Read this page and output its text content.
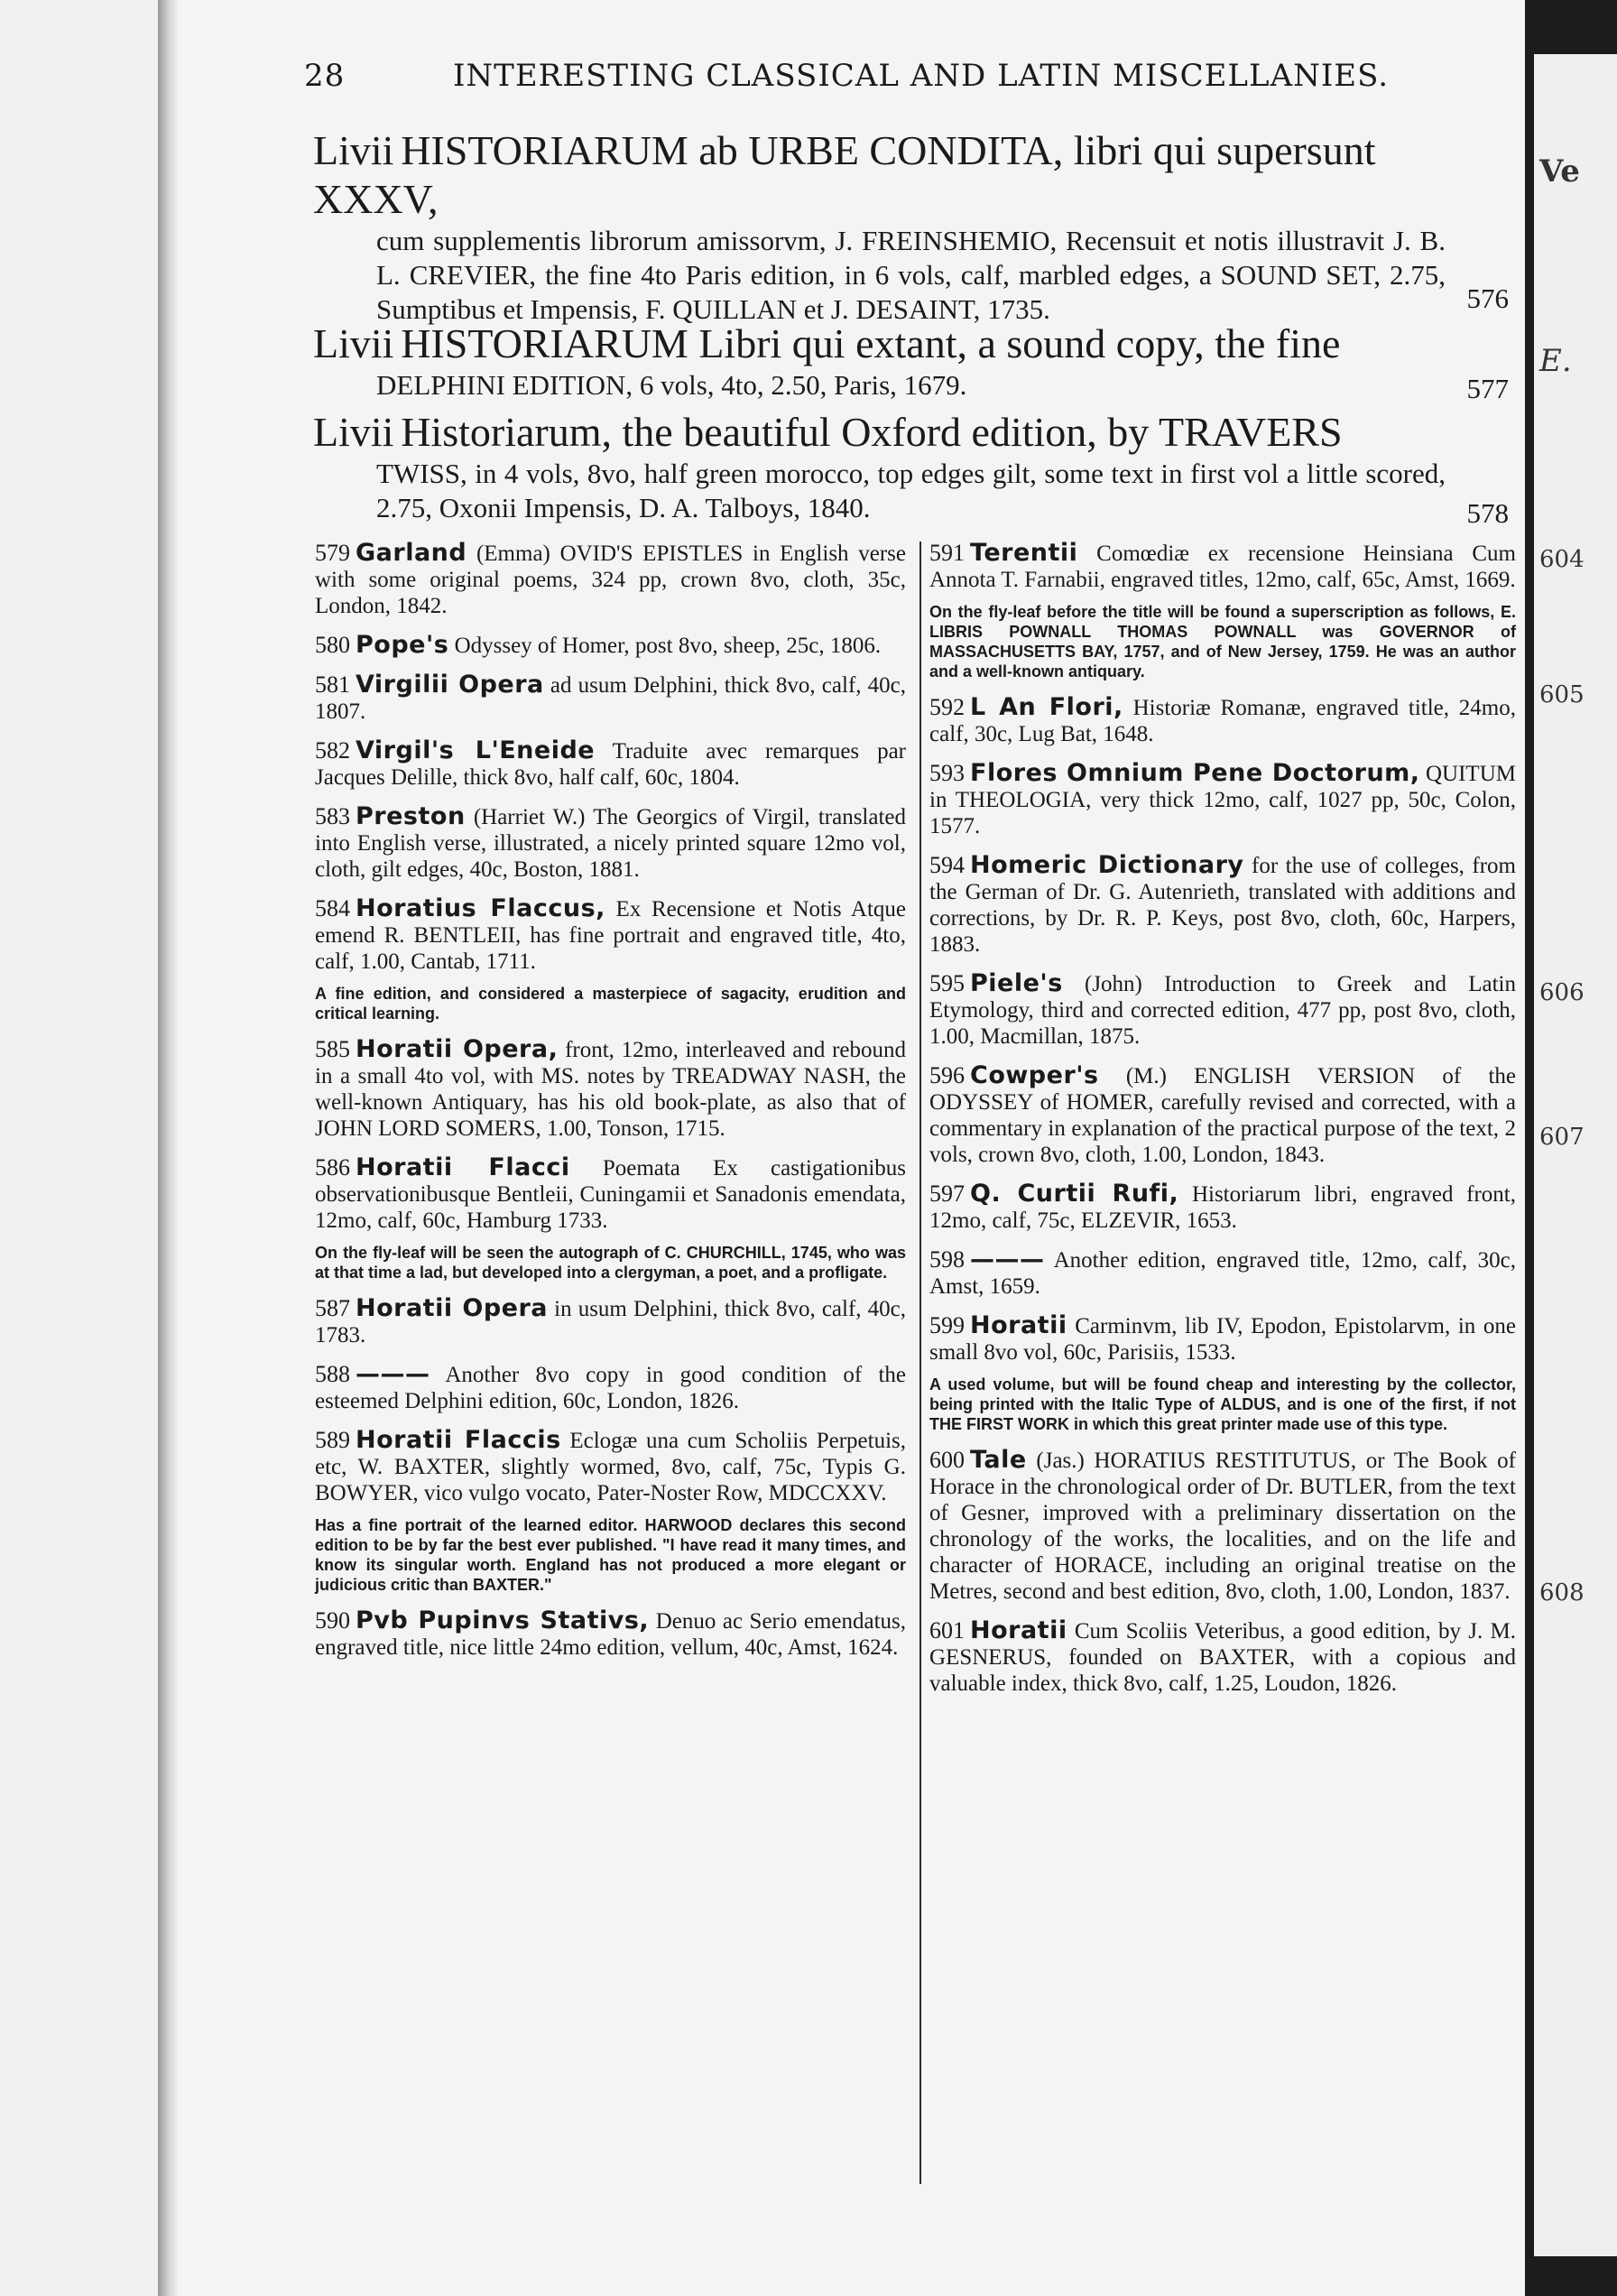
28	INTERESTING CLASSICAL AND LATIN MISCELLANIES.
Livii HISTORIARUM ab URBE CONDITA, libri qui supersunt XXXV,
cum supplementis librorum amissorvm, J. FREINSHEMIO, Recensuit et notis illustravit J. B. L. CREVIER, the fine 4to Paris edition, in 6 vols, calf, marbled edges, a SOUND SET, 2.75, Sumptibus et Impensis, F. QUILLAN et J. DESAINT, 1735.	576
Livii HISTORIARUM Libri qui extant, a sound copy, the fine
DELPHINI EDITION, 6 vols, 4to, 2.50, Paris, 1679.	577
Livii Historiarum, the beautiful Oxford edition, by TRAVERS
TWISS, in 4 vols, 8vo, half green morocco, top edges gilt, some text in first vol a little scored, 2.75, Oxonii Impensis, D. A. Talboys, 1840.	578
579 Garland (Emma) OVID'S EPISTLES in English verse with some original poems, 324 pp, crown 8vo, cloth, 35c, London, 1842.
580 Pope's Odyssey of Homer, post 8vo, sheep, 25c, 1806.
581 Virgilii Opera ad usum Delphini, thick 8vo, calf, 40c, 1807.
582 Virgil's L'Eneide Traduite avec remarques par Jacques Delille, thick 8vo, half calf, 60c, 1804.
583 Preston (Harriet W.) The Georgics of Virgil, translated into English verse, illustrated, a nicely printed square 12mo vol, cloth, gilt edges, 40c, Boston, 1881.
584 Horatius Flaccus, Ex Recensione et Notis Atque emend R. BENTLEII, has fine portrait and engraved title, 4to, calf, 1.00, Cantab, 1711.
A fine edition, and considered a masterpiece of sagacity, erudition and critical learning.
585 Horatii Opera, front, 12mo, interleaved and rebound in a small 4to vol, with MS. notes by TREADWAY NASH, the well-known Antiquary, has his old book-plate, as also that of JOHN LORD SOMERS, 1.00, Tonson, 1715.
586 Horatii Flacci Poemata Ex castigationibus observationibusque Bentleii, Cuningamii et Sanadonis emendata, 12mo, calf, 60c, Hamburg 1733.
On the fly-leaf will be seen the autograph of C. CHURCHILL, 1745, who was at that time a lad, but developed into a clergyman, a poet, and a profligate.
587 Horatii Opera in usum Delphini, thick 8vo, calf, 40c, 1783.
588 ——— Another 8vo copy in good condition of the esteemed Delphini edition, 60c, London, 1826.
589 Horatii Flaccis Eclogæ una cum Scholiis Perpetuis, etc, W. BAXTER, slightly wormed, 8vo, calf, 75c, Typis G. BOWYER, vico vulgo vocato, Pater-Noster Row, MDCCXXV.
Has a fine portrait of the learned editor. HARWOOD declares this second edition to be by far the best ever published. "I have read it many times, and know its singular worth. England has not produced a more elegant or judicious critic than BAXTER."
590 Pvb Pupinvs Stativs, Denuo ac Serio emendatus, engraved title, nice little 24mo edition, vellum, 40c, Amst, 1624.
591 Terentii Comœdiæ ex recensione Heinsiana Cum Annota T. Farnabii, engraved titles, 12mo, calf, 65c, Amst, 1669.
On the fly-leaf before the title will be found a superscription as follows, E. LIBRIS POWNALL THOMAS POWNALL was GOVERNOR of MASSACHUSETTS BAY, 1757, and of New Jersey, 1759. He was an author and a well-known antiquary.
592 L An Flori, Historiæ Romanæ, engraved title, 24mo, calf, 30c, Lug Bat, 1648.
593 Flores Omnium Pene Doctorum, QUITUM in THEOLOGIA, very thick 12mo, calf, 1027 pp, 50c, Colon, 1577.
594 Homeric Dictionary for the use of colleges, from the German of Dr. G. Autenrieth, translated with additions and corrections, by Dr. R. P. Keys, post 8vo, cloth, 60c, Harpers, 1883.
595 Piele's (John) Introduction to Greek and Latin Etymology, third and corrected edition, 477 pp, post 8vo, cloth, 1.00, Macmillan, 1875.
596 Cowper's (M.) ENGLISH VERSION of the ODYSSEY of HOMER, carefully revised and corrected, with a commentary in explanation of the practical purpose of the text, 2 vols, crown 8vo, cloth, 1.00, London, 1843.
597 Q. Curtii Rufi, Historiarum libri, engraved front, 12mo, calf, 75c, ELZEVIR, 1653.
598 ——— Another edition, engraved title, 12mo, calf, 30c, Amst, 1659.
599 Horatii Carminvm, lib IV, Epodon, Epistolarvm, in one small 8vo vol, 60c, Parisiis, 1533.
A used volume, but will be found cheap and interesting by the collector, being printed with the Italic Type of ALDUS, and is one of the first, if not THE FIRST WORK in which this great printer made use of this type.
600 Tale (Jas.) HORATIUS RESTITUTUS, or The Book of Horace in the chronological order of Dr. BUTLER, from the text of Gesner, improved with a preliminary dissertation on the chronology of the works, the localities, and on the life and character of HORACE, including an original treatise on the Metres, second and best edition, 8vo, cloth, 1.00, London, 1837.
601 Horatii Cum Scoliis Veteribus, a good edition, by J. M. GESNERUS, founded on BAXTER, with a copious and valuable index, thick 8vo, calf, 1.25, Loudon, 1826.
Ve
E.
604
605
606
607
608
